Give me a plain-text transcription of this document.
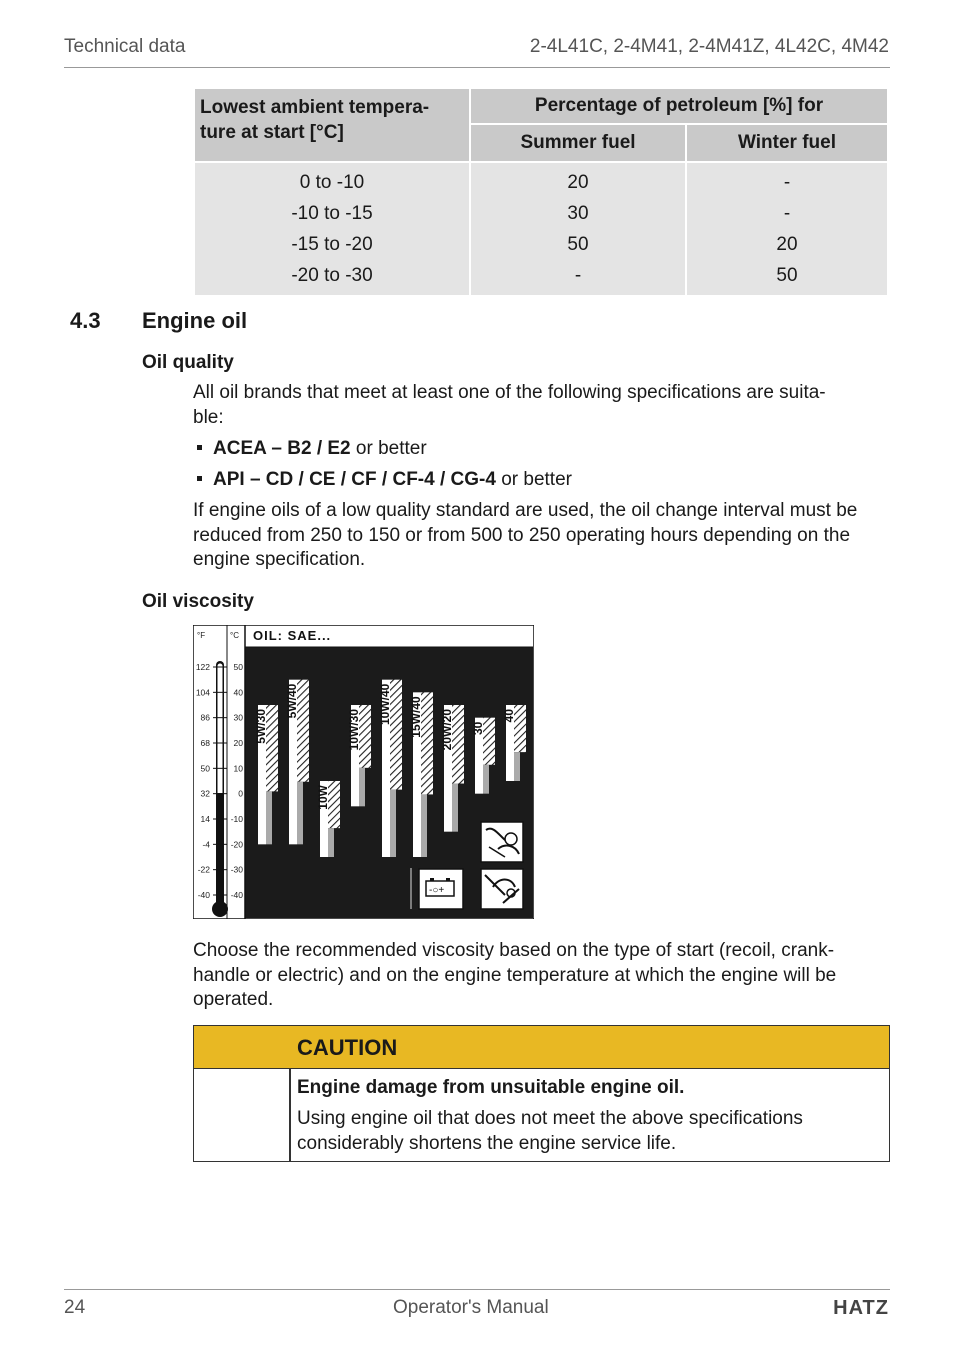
Technical data	2-4L41C, 2-4M41, 2-4M41Z, 4L42C, 4M42
Lowest ambient tempera-
ture at start [°C]	Percentage of petroleum [%] for	
	Summer fuel	Winter fuel

0 to -10	20	-
-10 to -15	30	-
-15 to -20	50	20
-20 to -30	-	50
4.3 Engine oil
Oil quality
All oil brands that meet at least one of the following specifications are suita-
ble:
ACEA – B2 / E2 or better
API – CD / CE / CF / CF-4 / CG-4 or better
If engine oils of a low quality standard are used, the oil change interval must be reduced from 250 to 150 or from 500 to 250 operating hours depending on the engine specification.
Oil viscosity
°F	°C OIL: SAE...
122	50
104	40
86	30
68	20
50	10
32	0
14 -10
-4 -20
-22 -30
-40 -40
5W/30
5W/40
10W
10W/30
10W/40 15W/40 20W/20 30
40
-○+
Choose the recommended viscosity based on the type of start (recoil, crank-
handle or electric) and on the engine temperature at which the engine will be
operated.
CAUTION
Engine damage from unsuitable engine oil.
Using engine oil that does not meet the above specifications considerably shortens the engine service life.
24	Operator's Manual	HATZ
